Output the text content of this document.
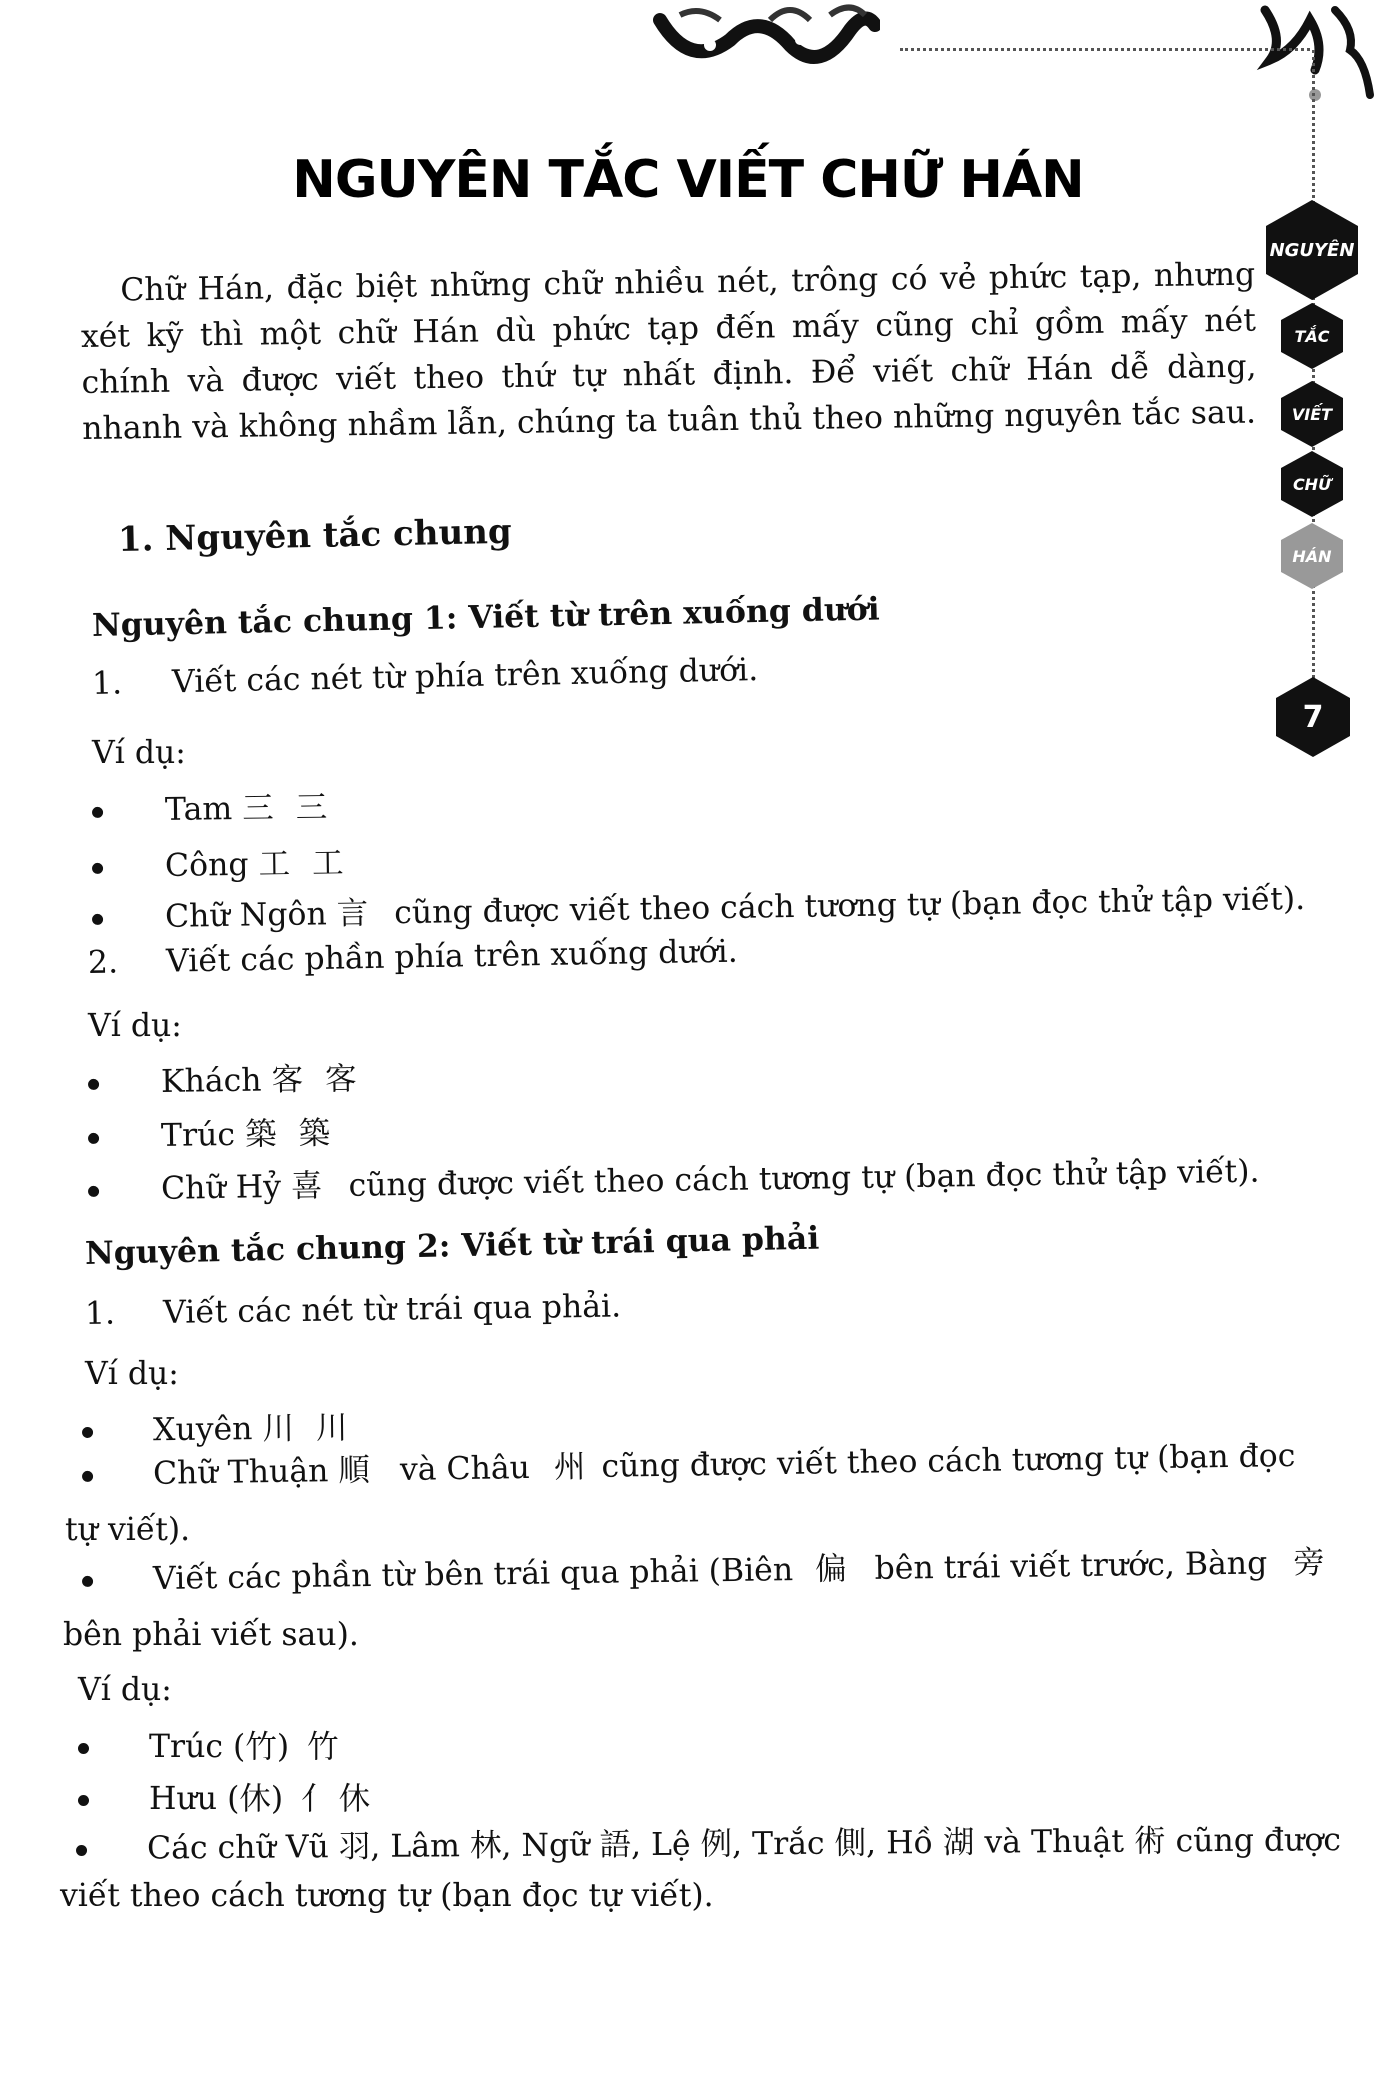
NGUYÊN TẮC VIẾT CHỮ HÁN
NGUYÊN
TẮC
VIẾT
CHỮ
HÁN
7
Chữ Hán, đặc biệt những chữ nhiều nét, trông có vẻ phức tạp, nhưng xét kỹ thì một chữ Hán dù phức tạp đến mấy cũng chỉ gồm mấy nét chính và được viết theo thứ tự nhất định. Để viết chữ Hán dễ dàng, nhanh và không nhầm lẫn, chúng ta tuân thủ theo những nguyên tắc sau.
1. Nguyên tắc chung
Nguyên tắc chung 1: Viết từ trên xuống dưới
1. Viết các nét từ phía trên xuống dưới.
Ví dụ:
Tam 三 三
Công 工 工
Chữ Ngôn 言 cũng được viết theo cách tương tự (bạn đọc thử tập viết).
2. Viết các phần phía trên xuống dưới.
Ví dụ:
Khách 客 客
Trúc 築 築
Chữ Hỷ 喜 cũng được viết theo cách tương tự (bạn đọc thử tập viết).
Nguyên tắc chung 2: Viết từ trái qua phải
1. Viết các nét từ trái qua phải.
Ví dụ:
Xuyên 川 川
Chữ Thuận 順 và Châu 州 cũng được viết theo cách tương tự (bạn đọc
tự viết).
Viết các phần từ bên trái qua phải (Biên 偏 bên trái viết trước, Bàng 旁
bên phải viết sau).
Ví dụ:
Trúc (竹) 竹
Hưu (休) 亻休
Các chữ Vũ 羽, Lâm 林, Ngữ 語, Lệ 例, Trắc 側, Hồ 湖 và Thuật 術 cũng được
viết theo cách tương tự (bạn đọc tự viết).
